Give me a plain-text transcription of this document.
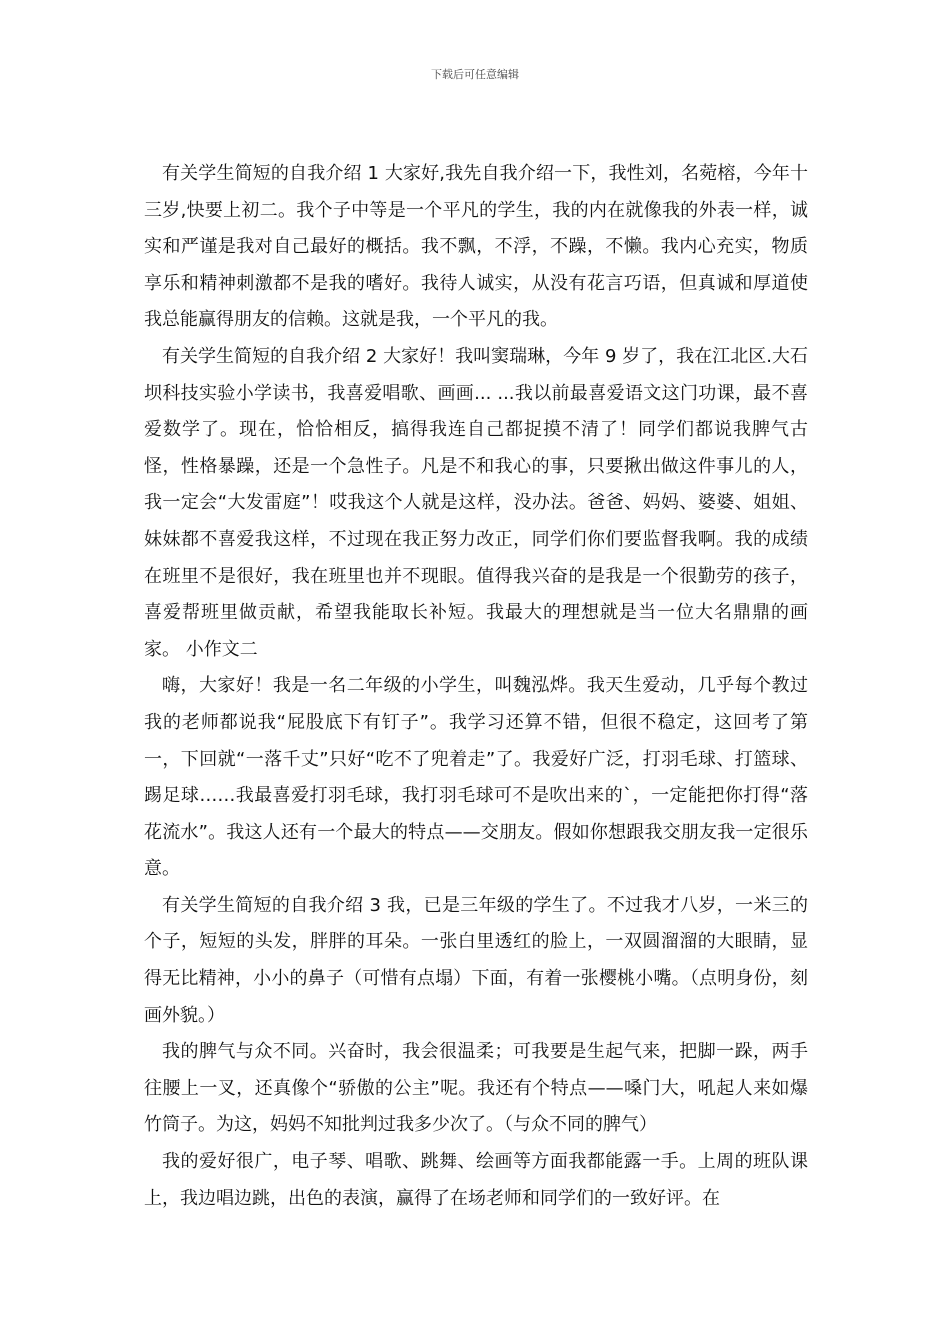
下载后可任意编辑

有关学生简短的自我介绍 1 大家好,我先自我介绍一下，我性刘，名菀榕，今年十三岁,快要上初二。我个子中等是一个平凡的学生，我的内在就像我的外表一样，诚实和严谨是我对自己最好的概括。我不飘，不浮，不躁，不懒。我内心充实，物质享乐和精神刺激都不是我的嗜好。我待人诚实，从没有花言巧语，但真诚和厚道使我总能赢得朋友的信赖。这就是我，一个平凡的我。

有关学生简短的自我介绍 2 大家好！我叫窦瑞琳，今年 9 岁了，我在江北区.大石坝科技实验小学读书，我喜爱唱歌、画画... ...我以前最喜爱语文这门功课，最不喜爱数学了。现在，恰恰相反，搞得我连自己都捉摸不清了！同学们都说我脾气古怪，性格暴躁，还是一个急性子。凡是不和我心的事，只要揪出做这件事儿的人，我一定会“大发雷庭”！哎我这个人就是这样，没办法。爸爸、妈妈、婆婆、姐姐、妹妹都不喜爱我这样，不过现在我正努力改正，同学们你们要监督我啊。我的成绩在班里不是很好，我在班里也并不现眼。值得我兴奋的是我是一个很勤劳的孩子，喜爱帮班里做贡献，希望我能取长补短。我最大的理想就是当一位大名鼎鼎的画家。 小作文二

嗨，大家好！我是一名二年级的小学生，叫魏泓烨。我天生爱动，几乎每个教过我的老师都说我“屁股底下有钉子”。我学习还算不错，但很不稳定，这回考了第一，下回就“一落千丈”只好“吃不了兜着走”了。我爱好广泛，打羽毛球、打篮球、踢足球……我最喜爱打羽毛球，我打羽毛球可不是吹出来的`，一定能把你打得“落花流水”。我这人还有一个最大的特点——交朋友。假如你想跟我交朋友我一定很乐意。

有关学生简短的自我介绍 3 我，已是三年级的学生了。不过我才八岁，一米三的个子，短短的头发，胖胖的耳朵。一张白里透红的脸上，一双圆溜溜的大眼睛，显得无比精神，小小的鼻子（可惜有点塌）下面，有着一张樱桃小嘴。（点明身份，刻画外貌。）

我的脾气与众不同。兴奋时，我会很温柔；可我要是生起气来，把脚一跺，两手往腰上一叉，还真像个“骄傲的公主”呢。我还有个特点——嗓门大，吼起人来如爆竹筒子。为这，妈妈不知批判过我多少次了。（与众不同的脾气）

我的爱好很广，电子琴、唱歌、跳舞、绘画等方面我都能露一手。上周的班队课上，我边唱边跳，出色的表演，赢得了在场老师和同学们的一致好评。在
